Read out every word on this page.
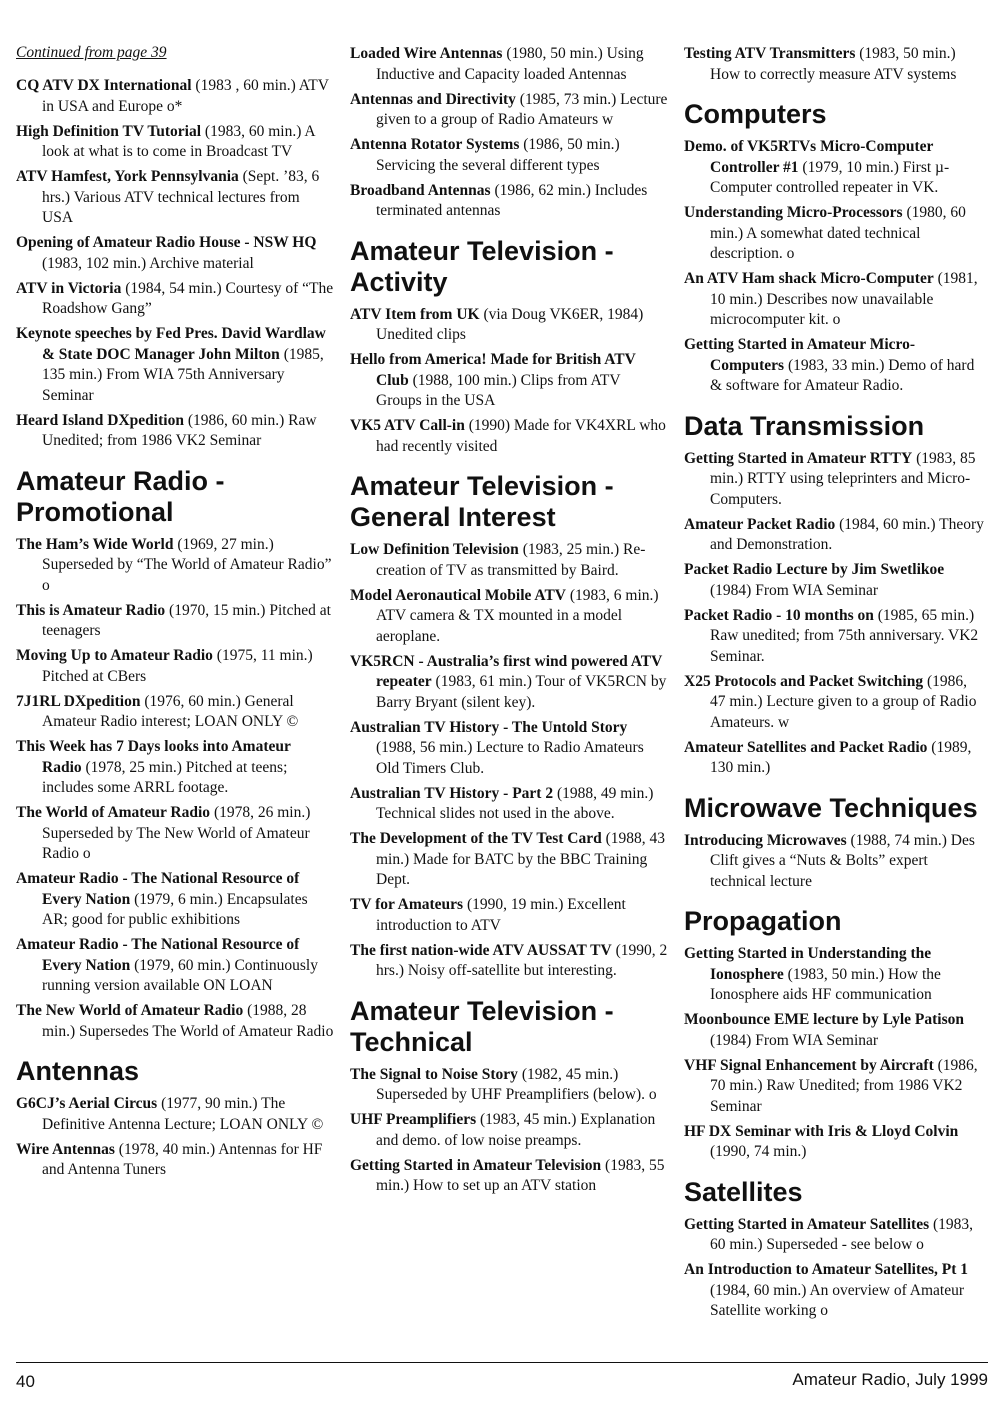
Continued from page 39
CQ ATV DX International (1983 , 60 min.) ATV in USA and Europe o*
High Definition TV Tutorial (1983, 60 min.) A look at what is to come in Broadcast TV
ATV Hamfest, York Pennsylvania (Sept. ’83, 6 hrs.) Various ATV technical lectures from USA
Opening of Amateur Radio House - NSW HQ (1983, 102 min.) Archive material
ATV in Victoria (1984, 54 min.) Courtesy of “The Roadshow Gang”
Keynote speeches by Fed Pres. David Wardlaw & State DOC Manager John Milton (1985, 135 min.) From WIA 75th Anniversary Seminar
Heard Island DXpedition (1986, 60 min.) Raw Unedited; from 1986 VK2 Seminar
Amateur Radio - Promotional
The Ham’s Wide World (1969, 27 min.) Superseded by “The World of Amateur Radio” o
This is Amateur Radio (1970, 15 min.) Pitched at teenagers
Moving Up to Amateur Radio (1975, 11 min.) Pitched at CBers
7J1RL DXpedition (1976, 60 min.) General Amateur Radio interest; LOAN ONLY ©
This Week has 7 Days looks into Amateur Radio (1978, 25 min.) Pitched at teens; includes some ARRL footage.
The World of Amateur Radio (1978, 26 min.) Superseded by The New World of Amateur Radio o
Amateur Radio - The National Resource of Every Nation (1979, 6 min.) Encapsulates AR; good for public exhibitions
Amateur Radio - The National Resource of Every Nation (1979, 60 min.) Continuously running version available ON LOAN
The New World of Amateur Radio (1988, 28 min.) Supersedes The World of Amateur Radio
Antennas
G6CJ’s Aerial Circus (1977, 90 min.) The Definitive Antenna Lecture; LOAN ONLY ©
Wire Antennas (1978, 40 min.) Antennas for HF and Antenna Tuners
Loaded Wire Antennas (1980, 50 min.) Using Inductive and Capacity loaded Antennas
Antennas and Directivity (1985, 73 min.) Lecture given to a group of Radio Amateurs w
Antenna Rotator Systems (1986, 50 min.) Servicing the several different types
Broadband Antennas (1986, 62 min.) Includes terminated antennas
Amateur Television - Activity
ATV Item from UK (via Doug VK6ER, 1984) Unedited clips
Hello from America! Made for British ATV Club (1988, 100 min.) Clips from ATV Groups in the USA
VK5 ATV Call-in (1990) Made for VK4XRL who had recently visited
Amateur Television - General Interest
Low Definition Television (1983, 25 min.) Re-creation of TV as transmitted by Baird.
Model Aeronautical Mobile ATV (1983, 6 min.) ATV camera & TX mounted in a model aeroplane.
VK5RCN - Australia’s first wind powered ATV repeater (1983, 61 min.) Tour of VK5RCN by Barry Bryant (silent key).
Australian TV History - The Untold Story (1988, 56 min.) Lecture to Radio Amateurs Old Timers Club.
Australian TV History - Part 2 (1988, 49 min.) Technical slides not used in the above.
The Development of the TV Test Card (1988, 43 min.) Made for BATC by the BBC Training Dept.
TV for Amateurs (1990, 19 min.) Excellent introduction to ATV
The first nation-wide ATV AUSSAT TV (1990, 2 hrs.) Noisy off-satellite but interesting.
Amateur Television - Technical
The Signal to Noise Story (1982, 45 min.) Superseded by UHF Preamplifiers (below). o
UHF Preamplifiers (1983, 45 min.) Explanation and demo. of low noise preamps.
Getting Started in Amateur Television (1983, 55 min.) How to set up an ATV station
Testing ATV Transmitters (1983, 50 min.) How to correctly measure ATV systems
Computers
Demo. of VK5RTVs Micro-Computer Controller #1 (1979, 10 min.) First µ-Computer controlled repeater in VK.
Understanding Micro-Processors (1980, 60 min.) A somewhat dated technical description. o
An ATV Ham shack Micro-Computer (1981, 10 min.) Describes now unavailable microcomputer kit. o
Getting Started in Amateur Micro-Computers (1983, 33 min.) Demo of hard & software for Amateur Radio.
Data Transmission
Getting Started in Amateur RTTY (1983, 85 min.) RTTY using teleprinters and Micro-Computers.
Amateur Packet Radio (1984, 60 min.) Theory and Demonstration.
Packet Radio Lecture by Jim Swetlikoe (1984) From WIA Seminar
Packet Radio - 10 months on (1985, 65 min.) Raw unedited; from 75th anniversary. VK2 Seminar.
X25 Protocols and Packet Switching (1986, 47 min.) Lecture given to a group of Radio Amateurs. w
Amateur Satellites and Packet Radio (1989, 130 min.)
Microwave Techniques
Introducing Microwaves (1988, 74 min.) Des Clift gives a “Nuts & Bolts” expert technical lecture
Propagation
Getting Started in Understanding the Ionosphere (1983, 50 min.) How the Ionosphere aids HF communication
Moonbounce EME lecture by Lyle Patison (1984) From WIA Seminar
VHF Signal Enhancement by Aircraft (1986, 70 min.) Raw Unedited; from 1986 VK2 Seminar
HF DX Seminar with Iris & Lloyd Colvin (1990, 74 min.)
Satellites
Getting Started in Amateur Satellites (1983, 60 min.) Superseded - see below o
An Introduction to Amateur Satellites, Pt 1 (1984, 60 min.) An overview of Amateur Satellite working o
40	Amateur Radio, July 1999
